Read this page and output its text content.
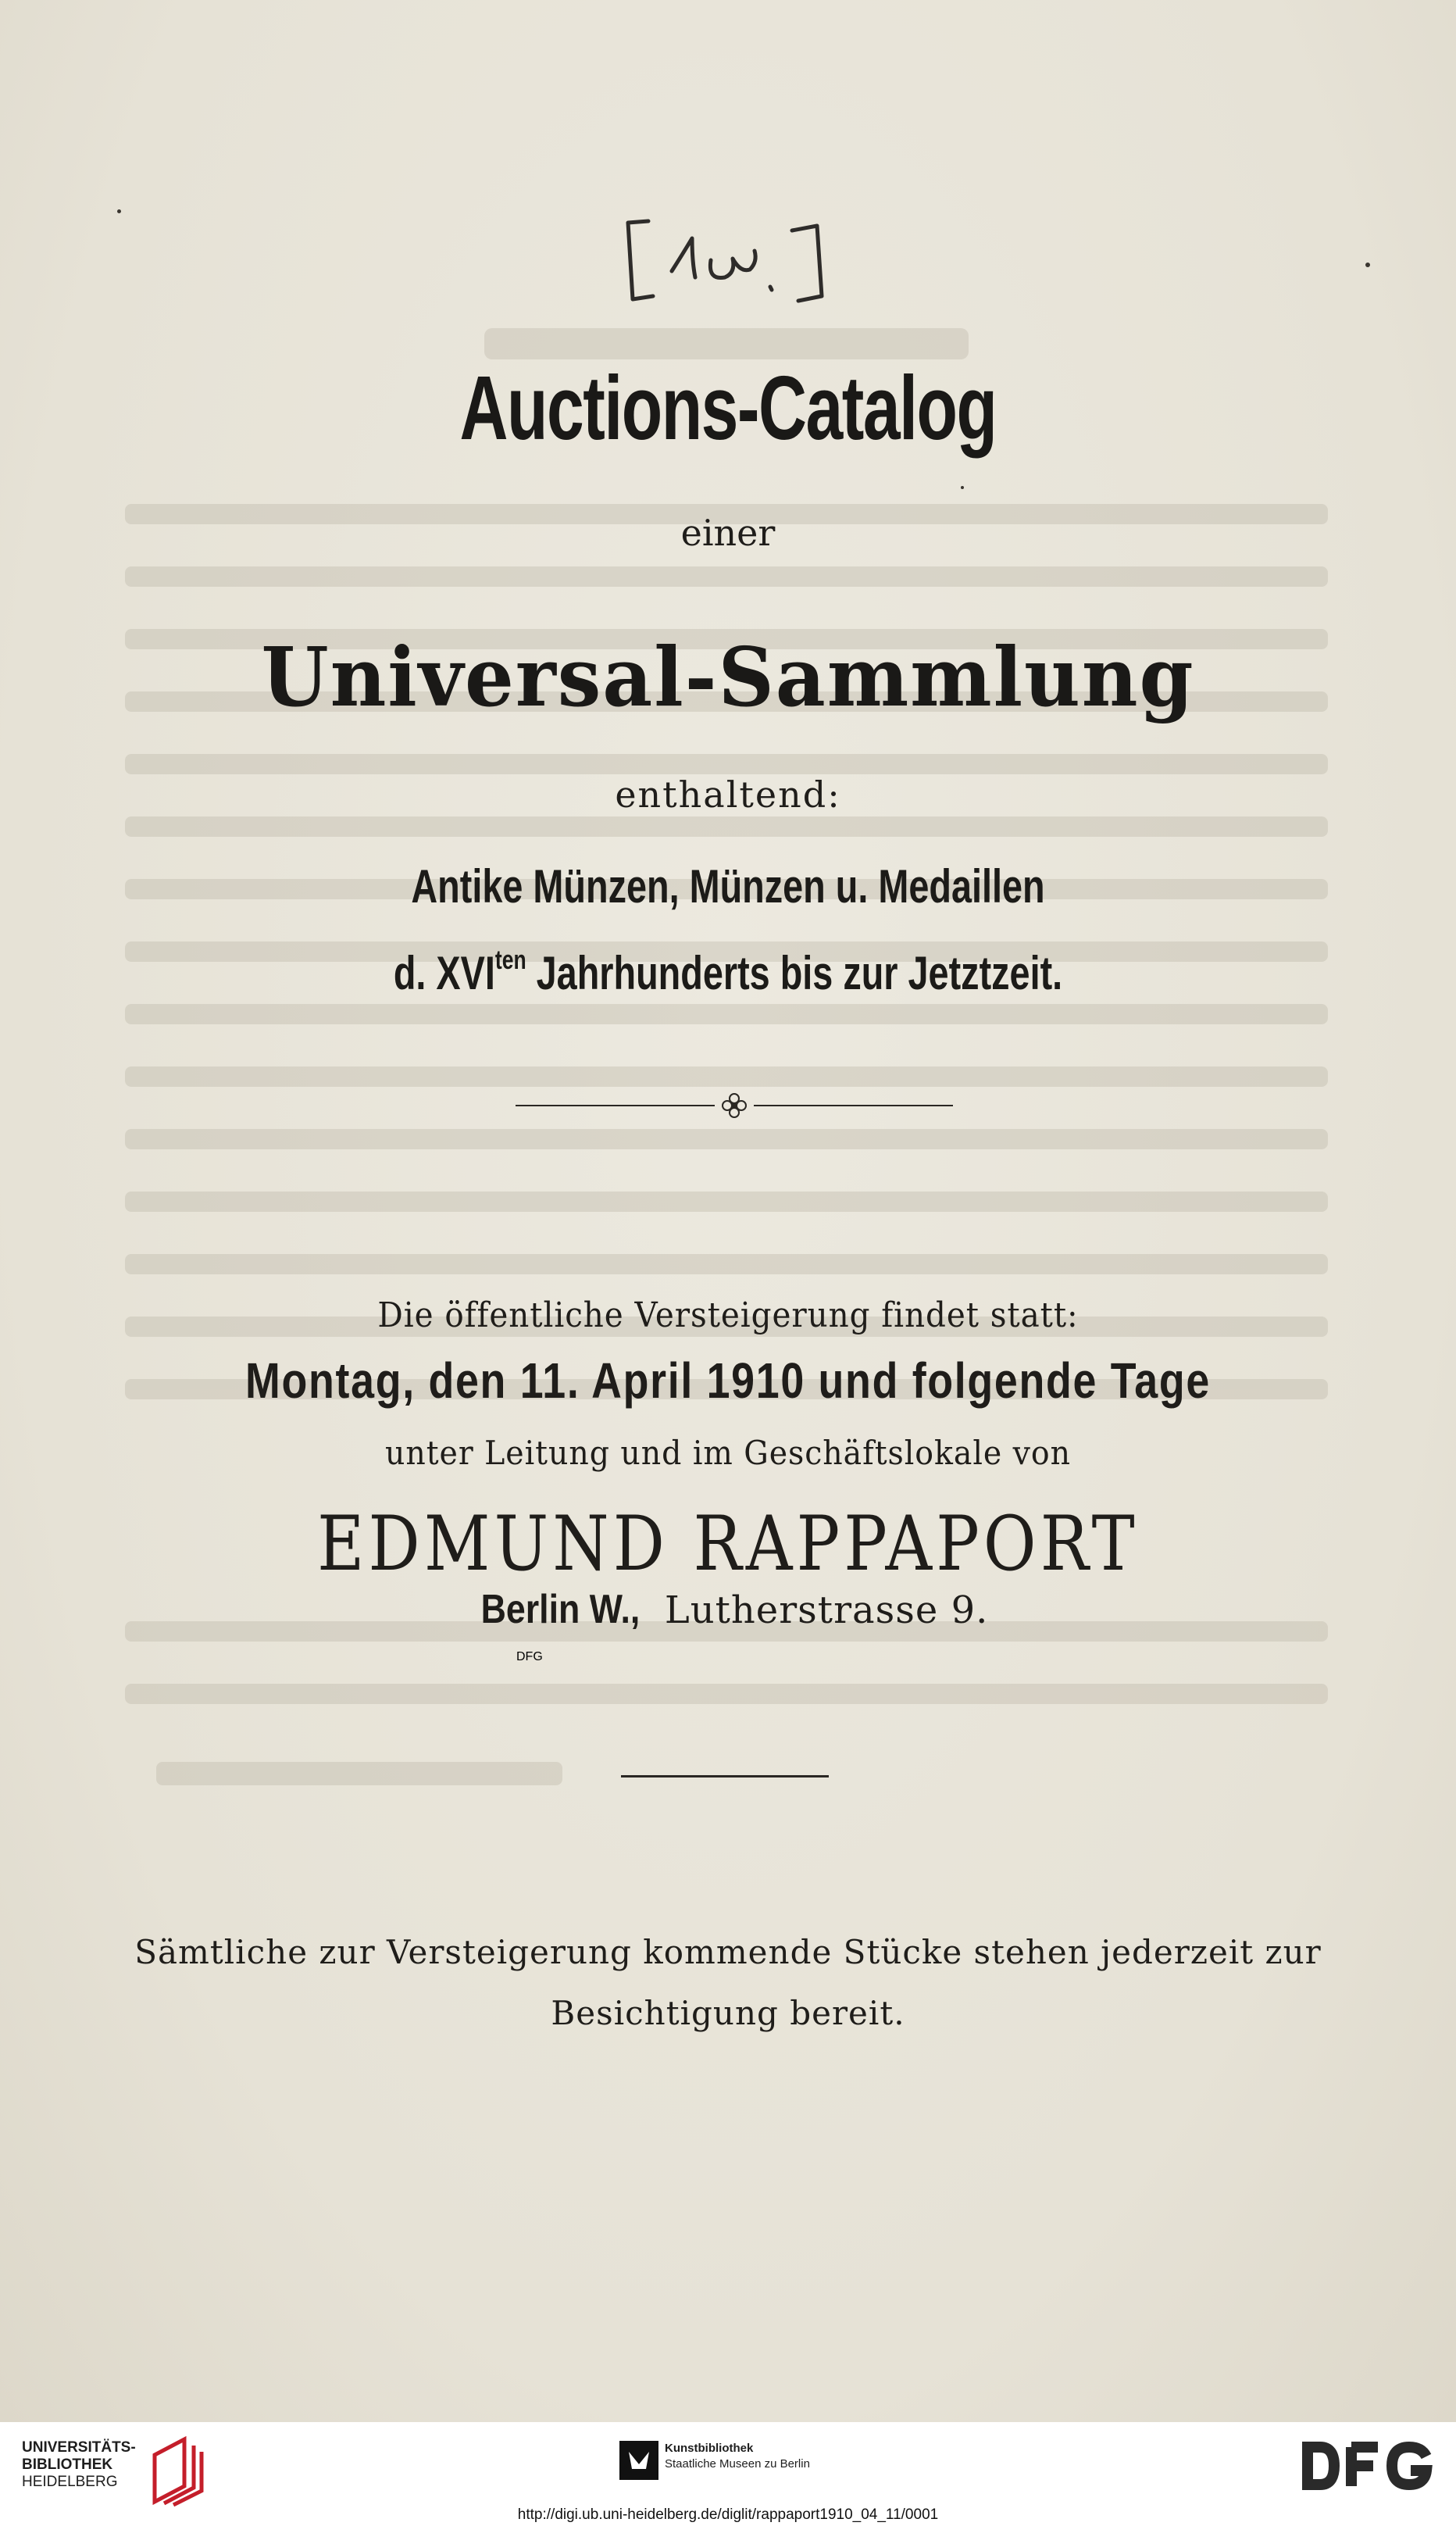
Auctions-Catalog
einer
Universal-Sammlung
enthaltend:
Antike Münzen, Münzen u. Medaillen
d. $XVI^{ten}$ Jahrhunderts bis zur Jetztzeit.
Die öffentliche Versteigerung findet statt:
Montag, den 11. April 1910 und folgende Tage
unter Leitung und im Geschäftslokale von
EDMUND RAPPAPORT
Berlin W., Lutherstrasse 9.
Sämtliche zur Versteigerung kommende Stücke stehen jederzeit zur
Besichtigung bereit.
UNIVERSITÄTS-
BIBLIOTHEK
HEIDELBERG
Kunstbibliothek
Staatliche Museen zu Berlin
DFG
http://digi.ub.uni-heidelberg.de/diglit/rappaport1910_04_11/0001
